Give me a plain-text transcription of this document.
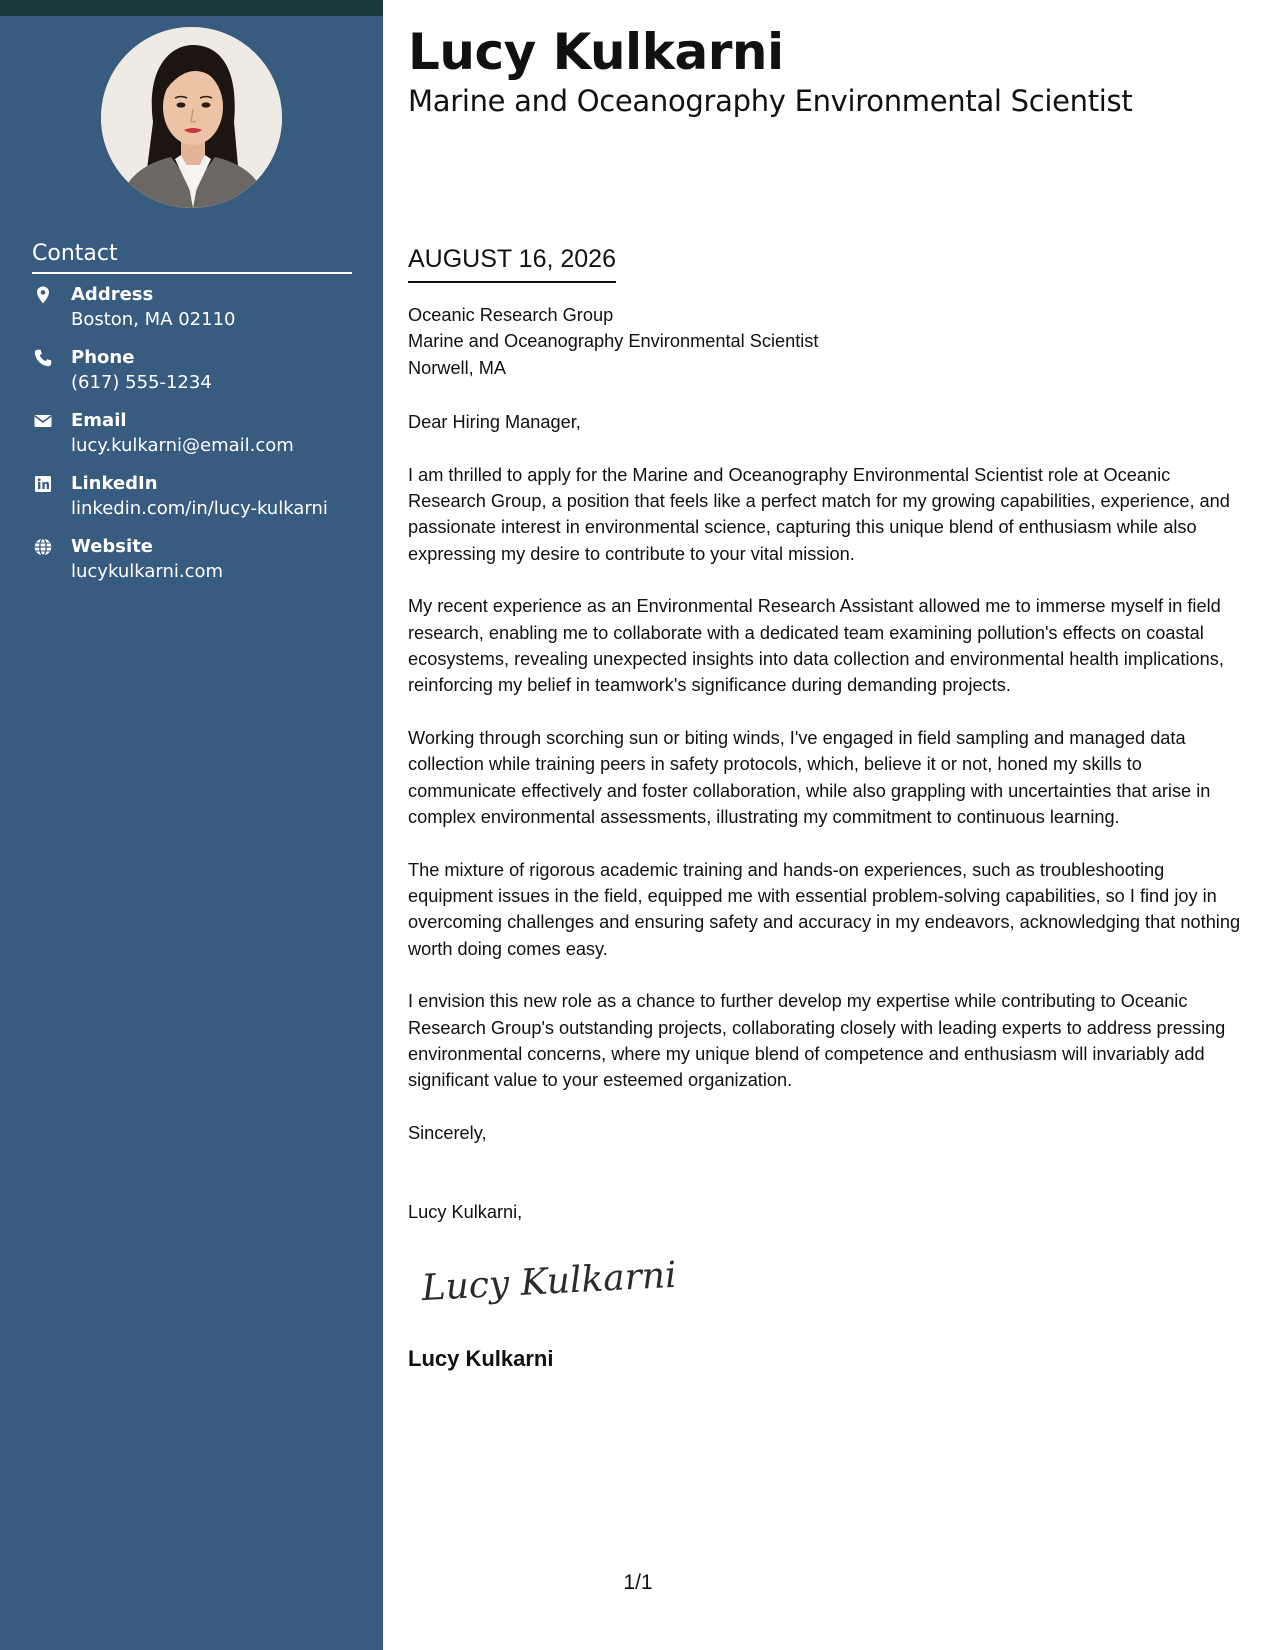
Contact
Address
Boston, MA 02110
Phone
(617) 555-1234
Email
lucy.kulkarni@email.com
LinkedIn
linkedin.com/in/lucy-kulkarni
Website
lucykulkarni.com
Lucy Kulkarni
Marine and Oceanography Environmental Scientist
AUGUST 16, 2026

Oceanic Research Group
Marine and Oceanography Environmental Scientist
Norwell, MA

Dear Hiring Manager,

I am thrilled to apply for the Marine and Oceanography Environmental Scientist role at Oceanic Research Group, a position that feels like a perfect match for my growing capabilities, experience, and passionate interest in environmental science, capturing this unique blend of enthusiasm while also expressing my desire to contribute to your vital mission.

My recent experience as an Environmental Research Assistant allowed me to immerse myself in field research, enabling me to collaborate with a dedicated team examining pollution's effects on coastal ecosystems, revealing unexpected insights into data collection and environmental health implications, reinforcing my belief in teamwork's significance during demanding projects.

Working through scorching sun or biting winds, I've engaged in field sampling and managed data collection while training peers in safety protocols, which, believe it or not, honed my skills to communicate effectively and foster collaboration, while also grappling with uncertainties that arise in complex environmental assessments, illustrating my commitment to continuous learning.

The mixture of rigorous academic training and hands-on experiences, such as troubleshooting equipment issues in the field, equipped me with essential problem-solving capabilities, so I find joy in overcoming challenges and ensuring safety and accuracy in my endeavors, acknowledging that nothing worth doing comes easy.

I envision this new role as a chance to further develop my expertise while contributing to Oceanic Research Group's outstanding projects, collaborating closely with leading experts to address pressing environmental concerns, where my unique blend of competence and enthusiasm will invariably add significant value to your esteemed organization.

Sincerely,

Lucy Kulkarni,

Lucy Kulkarni
Lucy Kulkarni
1/1
